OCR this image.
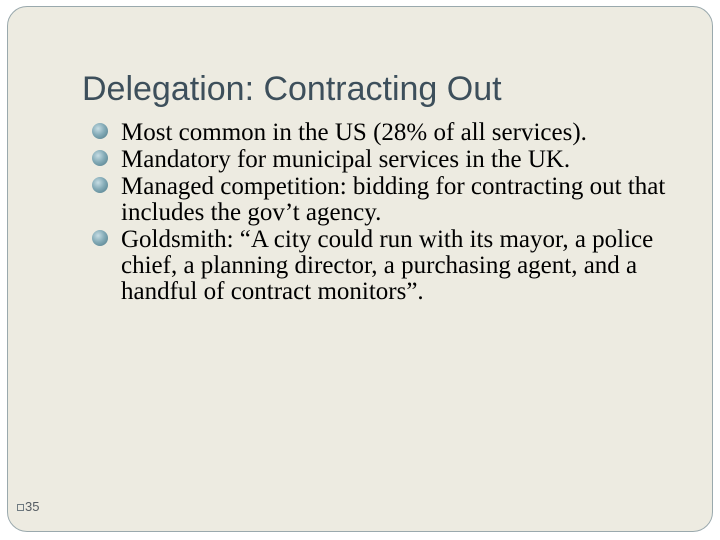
Delegation: Contracting Out
Most common in the US (28% of all services).
Mandatory for municipal services in the UK.
Managed competition: bidding for contracting out that includes the gov’t agency.
Goldsmith: “A city could run with its mayor, a police chief, a planning director, a purchasing agent, and a handful of contract monitors”.
35
